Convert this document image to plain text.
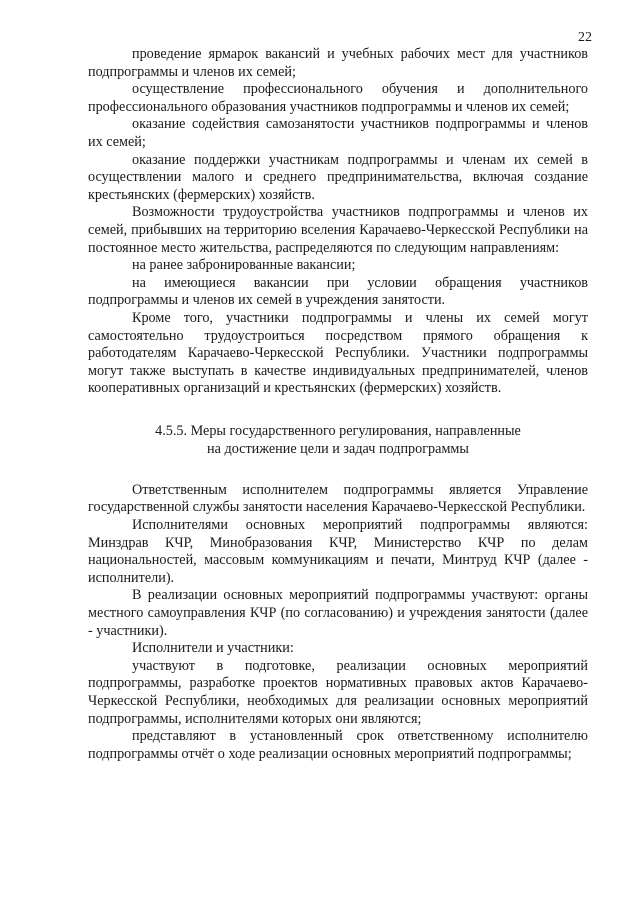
22

проведение ярмарок вакансий и учебных рабочих мест для участников подпрограммы и членов их семей;

осуществление профессионального обучения и дополнительного профессионального образования участников подпрограммы и членов их семей;

оказание содействия самозанятости участников подпрограммы и членов их семей;

оказание поддержки участникам подпрограммы и членам их семей в осуществлении малого и среднего предпринимательства, включая создание крестьянских (фермерских) хозяйств.

Возможности трудоустройства участников подпрограммы и членов их семей, прибывших на территорию вселения Карачаево-Черкесской Республики на постоянное место жительства, распределяются по следующим направлениям:

на ранее забронированные вакансии;

на имеющиеся вакансии при условии обращения участников подпрограммы и членов их семей в учреждения занятости.

Кроме того, участники подпрограммы и члены их семей могут самостоятельно трудоустроиться посредством прямого обращения к работодателям Карачаево-Черкесской Республики. Участники подпрограммы могут также выступать в качестве индивидуальных предпринимателей, членов кооперативных организаций и крестьянских (фермерских) хозяйств.

4.5.5. Меры государственного регулирования, направленные
на достижение цели и задач подпрограммы

Ответственным исполнителем подпрограммы является Управление государственной службы занятости населения Карачаево-Черкесской Республики.

Исполнителями основных мероприятий подпрограммы являются: Минздрав КЧР, Минобразования КЧР, Министерство КЧР по делам национальностей, массовым коммуникациям и печати, Минтруд КЧР (далее - исполнители).

В реализации основных мероприятий подпрограммы участвуют: органы местного самоуправления КЧР (по согласованию) и учреждения занятости (далее - участники).

Исполнители и участники:

участвуют в подготовке, реализации основных мероприятий подпрограммы, разработке проектов нормативных правовых актов Карачаево-Черкесской Республики, необходимых для реализации основных мероприятий подпрограммы, исполнителями которых они являются;

представляют в установленный срок ответственному исполнителю подпрограммы отчёт о ходе реализации основных мероприятий подпрограммы;
